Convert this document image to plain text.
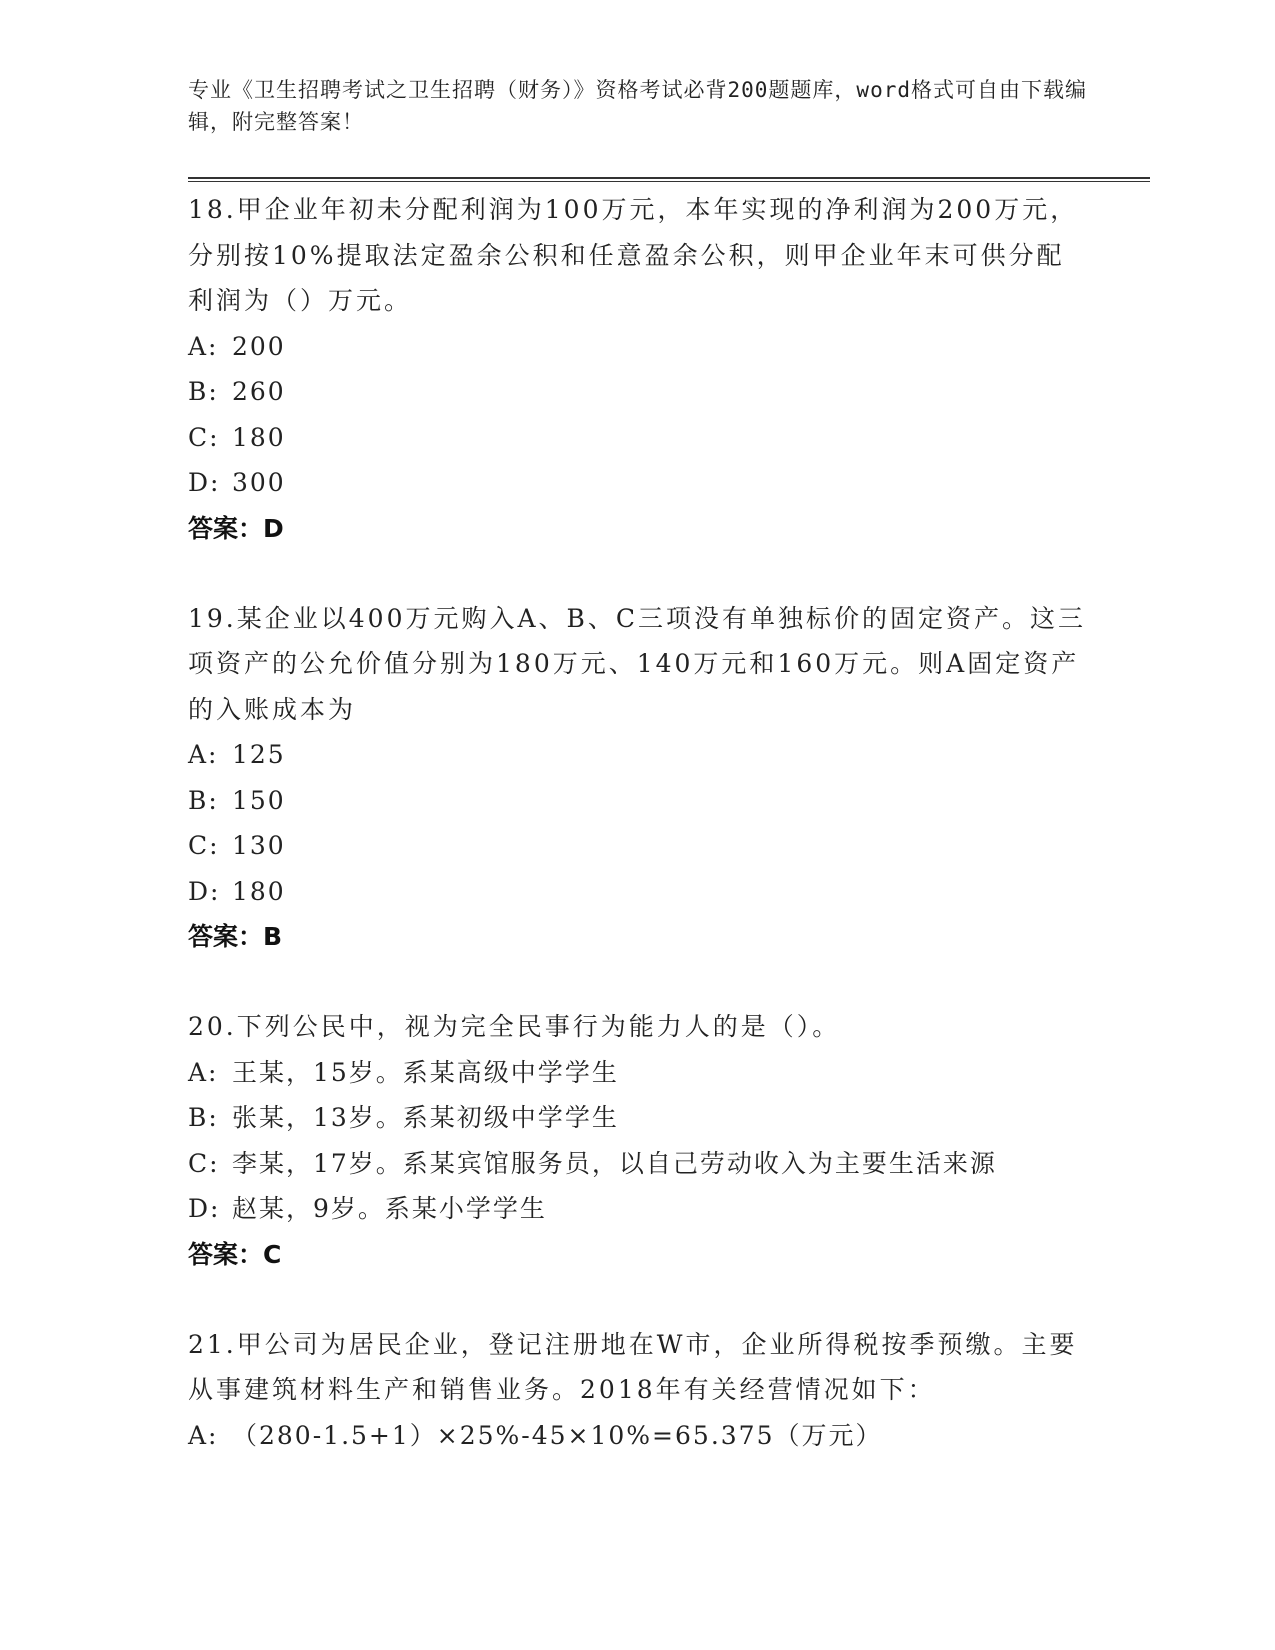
专业《卫生招聘考试之卫生招聘（财务）》资格考试必背200题题库，word格式可自由下载编辑，附完整答案！
18.甲企业年初未分配利润为100万元，本年实现的净利润为200万元，分别按10%提取法定盈余公积和任意盈余公积，则甲企业年末可供分配利润为（）万元。
A: 200
B: 260
C: 180
D: 300
答案：D
19.某企业以400万元购入A、B、C三项没有单独标价的固定资产。这三项资产的公允价值分别为180万元、140万元和160万元。则A固定资产的入账成本为
A: 125
B: 150
C: 130
D: 180
答案：B
20.下列公民中，视为完全民事行为能力人的是（）。
A: 王某，15岁。系某高级中学学生
B: 张某，13岁。系某初级中学学生
C: 李某，17岁。系某宾馆服务员，以自己劳动收入为主要生活来源
D: 赵某，9岁。系某小学学生
答案：C
21.甲公司为居民企业，登记注册地在W市，企业所得税按季预缴。主要从事建筑材料生产和销售业务。2018年有关经营情况如下：
A: （280-1.5+1）×25%-45×10%=65.375（万元）
